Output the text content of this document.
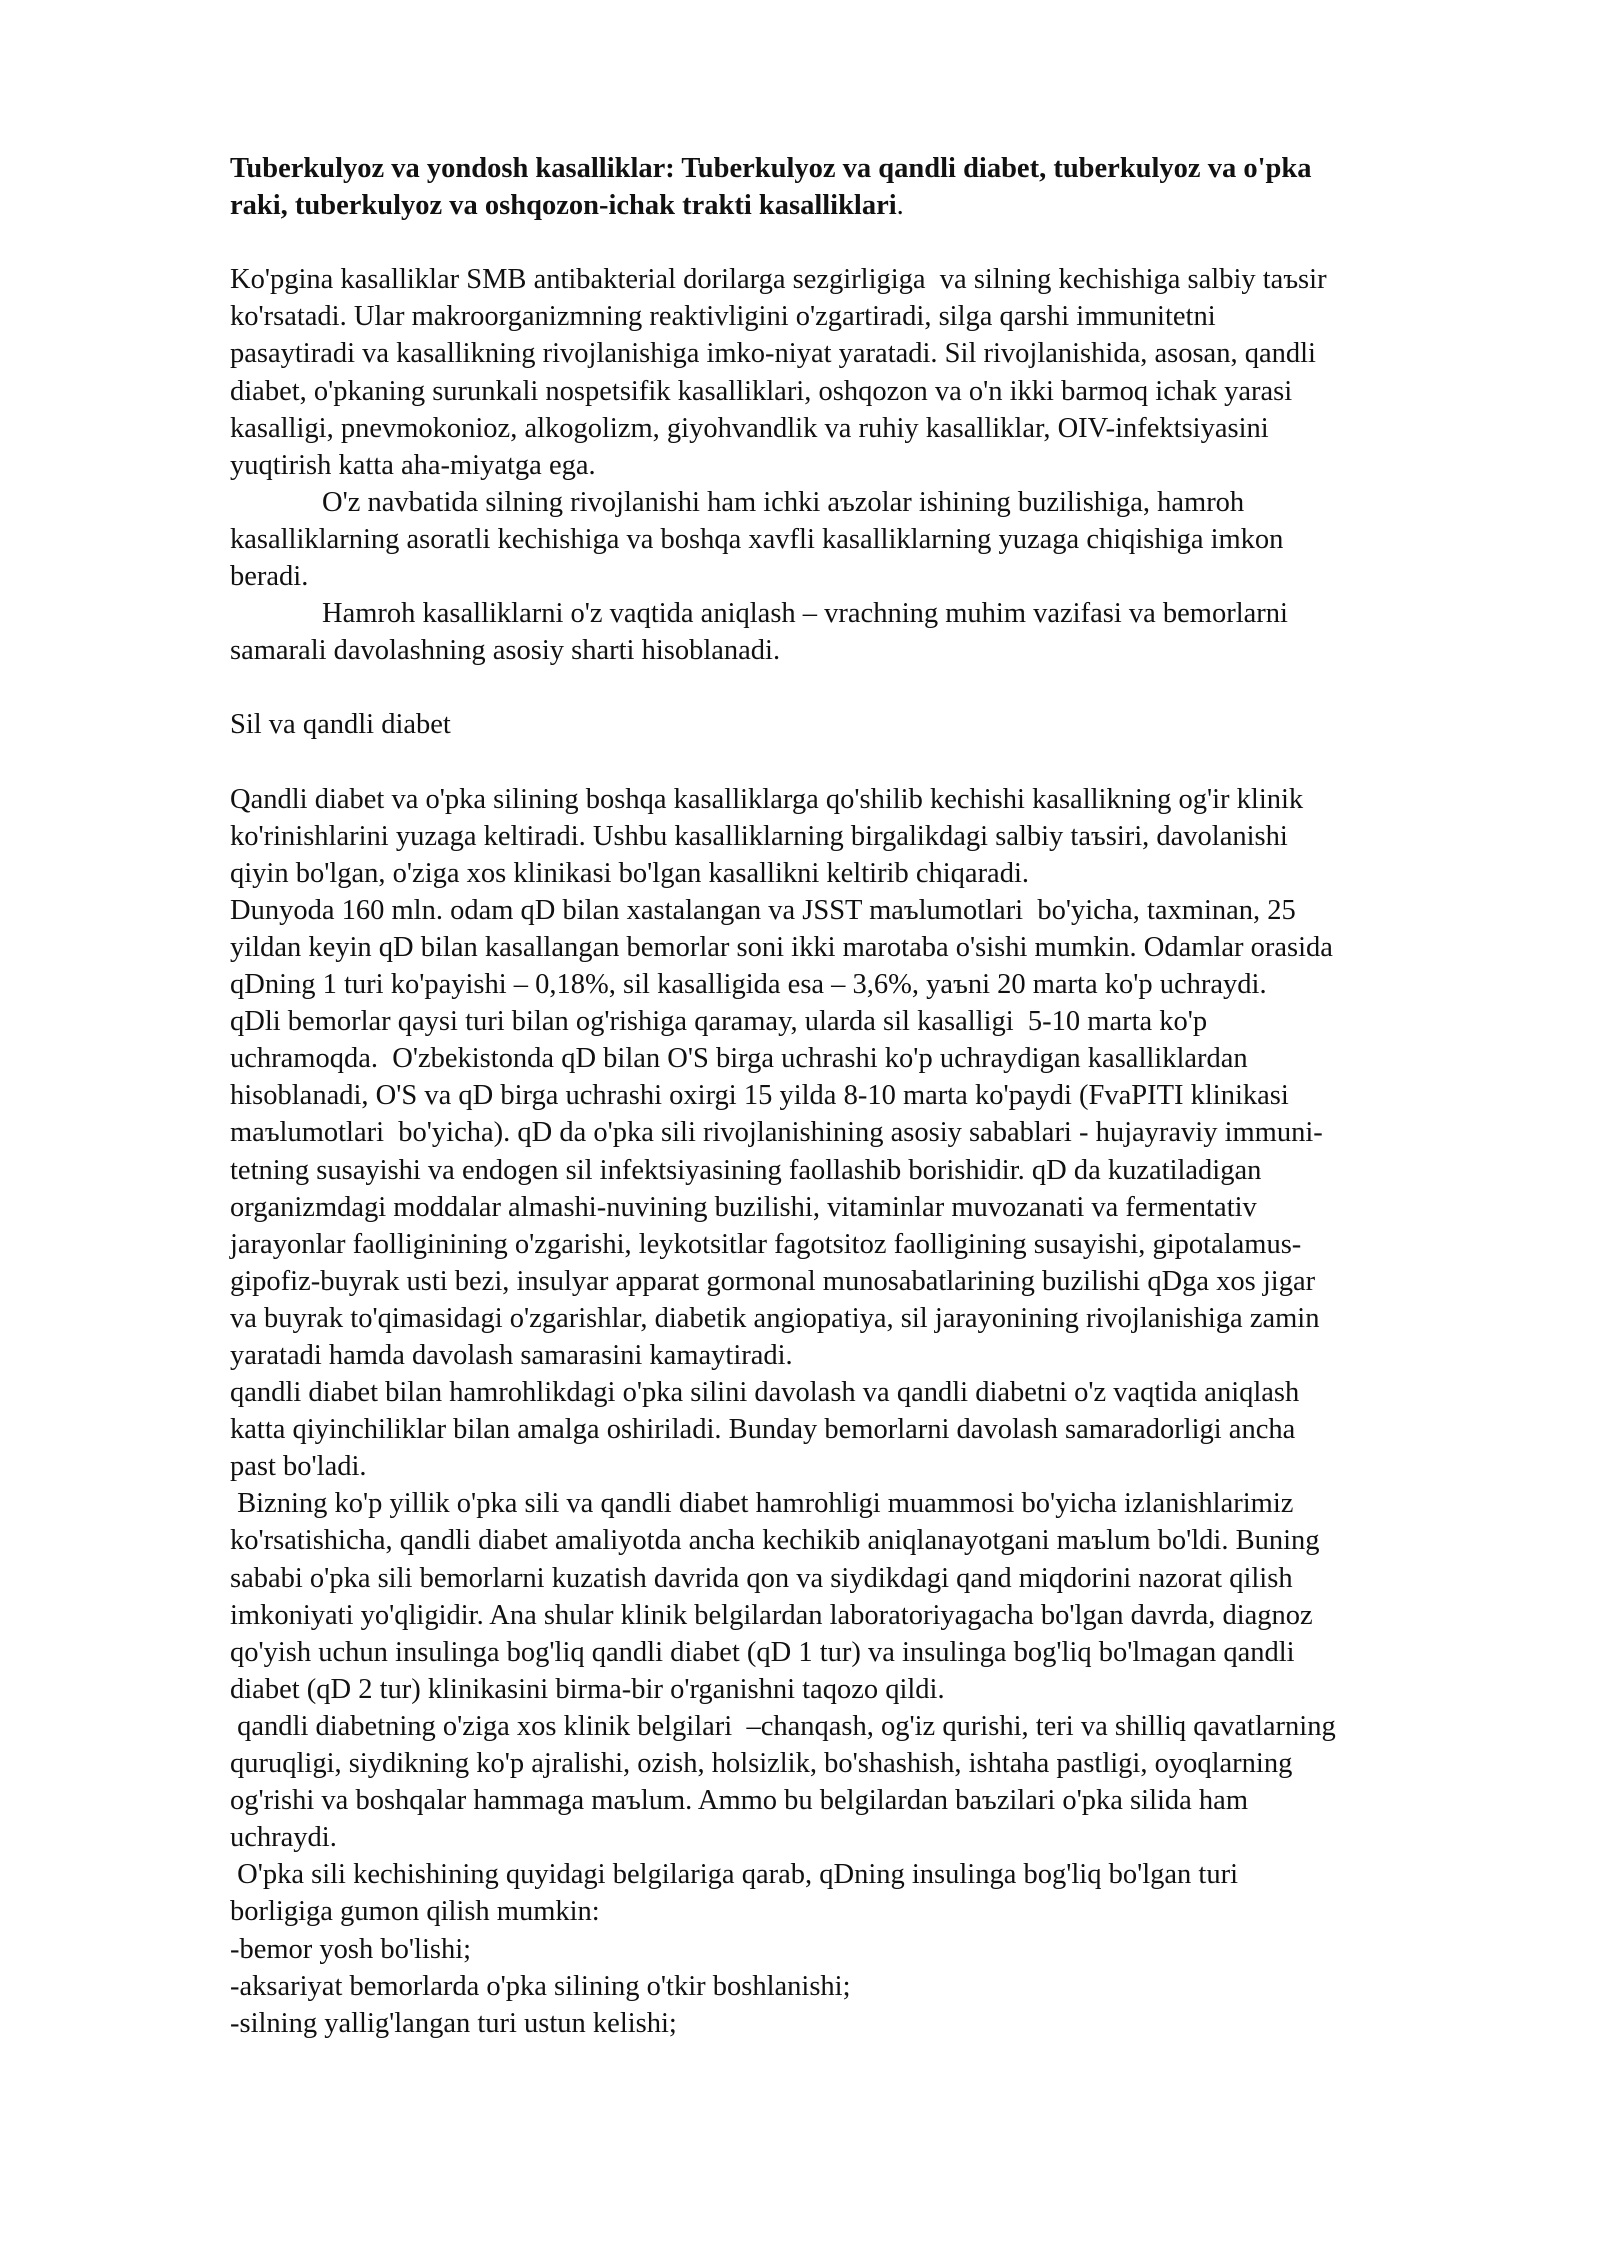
Tuberkulyoz va yondosh kasalliklar: Tuberkulyoz va qandli diabet, tuberkulyoz va o'pka
raki, tuberkulyoz va oshqozon-ichak trakti kasalliklari.
Ko'pgina kasalliklar SMB antibakterial dorilarga sezgirligiga  va silning kechishiga salbiy taъsir
ko'rsatadi. Ular makroorganizmning reaktivligini o'zgartiradi, silga qarshi immunitetni
pasaytiradi va kasallikning rivojlanishiga imko-niyat yaratadi. Sil rivojlanishida, asosan, qandli
diabet, o'pkaning surunkali nospetsifik kasalliklari, oshqozon va o'n ikki barmoq ichak yarasi
kasalligi, pnevmokonioz, alkogolizm, giyohvandlik va ruhiy kasalliklar, OIV-infektsiyasini
yuqtirish katta aha-miyatga ega.
O'z navbatida silning rivojlanishi ham ichki aъzolar ishining buzilishiga, hamroh
kasalliklarning asoratli kechishiga va boshqa xavfli kasalliklarning yuzaga chiqishiga imkon
beradi.
Hamroh kasalliklarni o'z vaqtida aniqlash – vrachning muhim vazifasi va bemorlarni
samarali davolashning asosiy sharti hisoblanadi.
Sil va qandli diabet
Qandli diabet va o'pka silining boshqa kasalliklarga qo'shilib kechishi kasallikning og'ir klinik
ko'rinishlarini yuzaga keltiradi. Ushbu kasalliklarning birgalikdagi salbiy taъsiri, davolanishi
qiyin bo'lgan, o'ziga xos klinikasi bo'lgan kasallikni keltirib chiqaradi.
Dunyoda 160 mln. odam qD bilan xastalangan va JSST maъlumotlari  bo'yicha, taxminan, 25
yildan keyin qD bilan kasallangan bemorlar soni ikki marotaba o'sishi mumkin. Odamlar orasida
qDning 1 turi ko'payishi – 0,18%, sil kasalligida esa – 3,6%, yaъni 20 marta ko'p uchraydi.
qDli bemorlar qaysi turi bilan og'rishiga qaramay, ularda sil kasalligi  5-10 marta ko'p
uchramoqda.  O'zbekistonda qD bilan O'S birga uchrashi ko'p uchraydigan kasalliklardan
hisoblanadi, O'S va qD birga uchrashi oxirgi 15 yilda 8-10 marta ko'paydi (FvaPITI klinikasi
maъlumotlari  bo'yicha). qD da o'pka sili rivojlanishining asosiy sabablari - hujayraviy immuni-
tetning susayishi va endogen sil infektsiyasining faollashib borishidir. qD da kuzatiladigan
organizmdagi moddalar almashi-nuvining buzilishi, vitaminlar muvozanati va fermentativ
jarayonlar faolliginining o'zgarishi, leykotsitlar fagotsitoz faolligining susayishi, gipotalamus-
gipofiz-buyrak usti bezi, insulyar apparat gormonal munosabatlarining buzilishi qDga xos jigar
va buyrak to'qimasidagi o'zgarishlar, diabetik angiopatiya, sil jarayonining rivojlanishiga zamin
yaratadi hamda davolash samarasini kamaytiradi.
qandli diabet bilan hamrohlikdagi o'pka silini davolash va qandli diabetni o'z vaqtida aniqlash
katta qiyinchiliklar bilan amalga oshiriladi. Bunday bemorlarni davolash samaradorligi ancha
past bo'ladi.
Bizning ko'p yillik o'pka sili va qandli diabet hamrohligi muammosi bo'yicha izlanishlarimiz
ko'rsatishicha, qandli diabet amaliyotda ancha kechikib aniqlanayotgani maъlum bo'ldi. Buning
sababi o'pka sili bemorlarni kuzatish davrida qon va siydikdagi qand miqdorini nazorat qilish
imkoniyati yo'qligidir. Ana shular klinik belgilardan laboratoriyagacha bo'lgan davrda, diagnoz
qo'yish uchun insulinga bog'liq qandli diabet (qD 1 tur) va insulinga bog'liq bo'lmagan qandli
diabet (qD 2 tur) klinikasini birma-bir o'rganishni taqozo qildi.
qandli diabetning o'ziga xos klinik belgilari  –chanqash, og'iz qurishi, teri va shilliq qavatlarning
quruqligi, siydikning ko'p ajralishi, ozish, holsizlik, bo'shashish, ishtaha pastligi, oyoqlarning
og'rishi va boshqalar hammaga maъlum. Ammo bu belgilardan baъzilari o'pka silida ham
uchraydi.
O'pka sili kechishining quyidagi belgilariga qarab, qDning insulinga bog'liq bo'lgan turi
borligiga gumon qilish mumkin:
-bemor yosh bo'lishi;
-aksariyat bemorlarda o'pka silining o'tkir boshlanishi;
-silning yallig'langan turi ustun kelishi;
